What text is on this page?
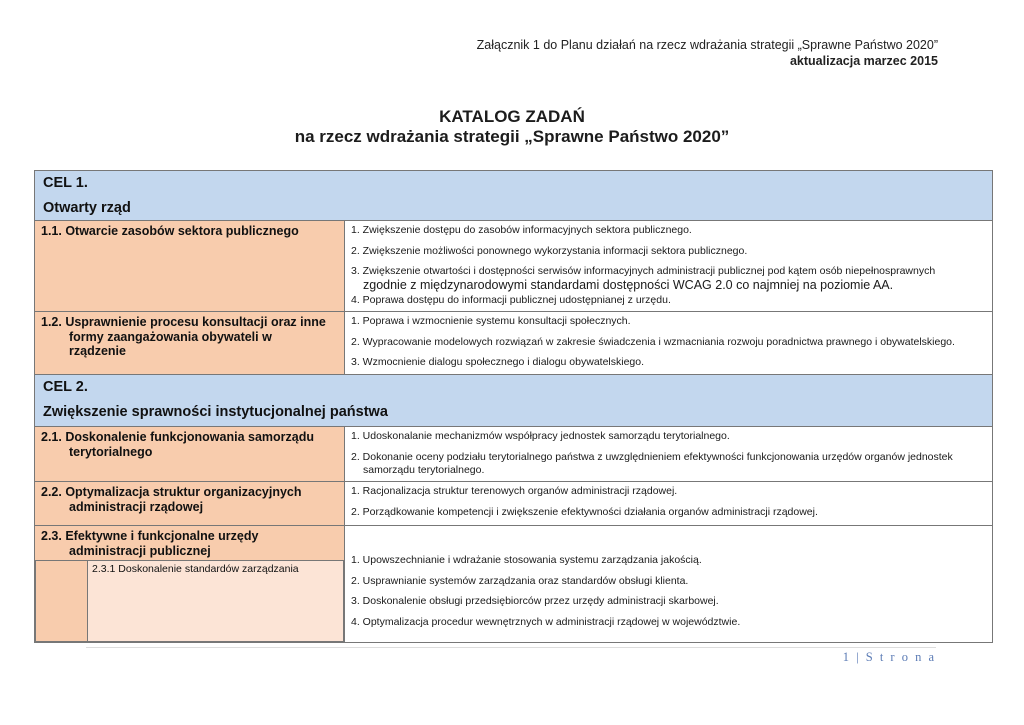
Załącznik 1 do Planu działań na rzecz wdrażania strategii „Sprawne Państwo 2020”
aktualizacja marzec 2015
KATALOG ZADAŃ
na rzecz wdrażania strategii „Sprawne Państwo 2020”
CEL 1.
Otwarty rząd

1.1. Otwarcie zasobów sektora publicznego	1. Zwiększenie dostępu do zasobów informacyjnych sektora publicznego.
2. Zwiększenie możliwości ponownego wykorzystania informacji sektora publicznego.
3. Zwiększenie otwartości i dostępności serwisów informacyjnych administracji publicznej pod kątem osób niepełnosprawnych
zgodnie z międzynarodowymi standardami dostępności WCAG 2.0 co najmniej na poziomie AA.
4. Poprawa dostępu do informacji publicznej udostępnianej z urzędu.

1.2. Usprawnienie procesu konsultacji oraz inne
formy zaangażowania obywateli w
rządzenie

1. Poprawa i wzmocnienie systemu konsultacji społecznych.
2. Wypracowanie modelowych rozwiązań w zakresie świadczenia i wzmacniania rozwoju poradnictwa prawnego i obywatelskiego.
3. Wzmocnienie dialogu społecznego i dialogu obywatelskiego.

CEL 2.
Zwiększenie sprawności instytucjonalnej państwa

2.1. Doskonalenie funkcjonowania samorządu
terytorialnego

1. Udoskonalanie mechanizmów współpracy jednostek samorządu terytorialnego.
2. Dokonanie oceny podziału terytorialnego państwa z uwzględnieniem efektywności funkcjonowania urzędów organów jednostek
samorządu terytorialnego.

2.2. Optymalizacja struktur organizacyjnych
administracji rządowej

1. Racjonalizacja struktur terenowych organów administracji rządowej.
2. Porządkowanie kompetencji i zwiększenie efektywności działania organów administracji rządowej.

2.3. Efektywne i funkcjonalne urzędy
administracji publicznej
	2.3.1 Doskonalenie standardów zarządzania

1. Upowszechnianie i wdrażanie stosowania systemu zarządzania jakością.
2. Usprawnianie systemów zarządzania oraz standardów obsługi klienta.
3. Doskonalenie obsługi przedsiębiorców przez urzędy administracji skarbowej.
4. Optymalizacja procedur wewnętrznych w administracji rządowej w województwie.
1 | S t r o n a
